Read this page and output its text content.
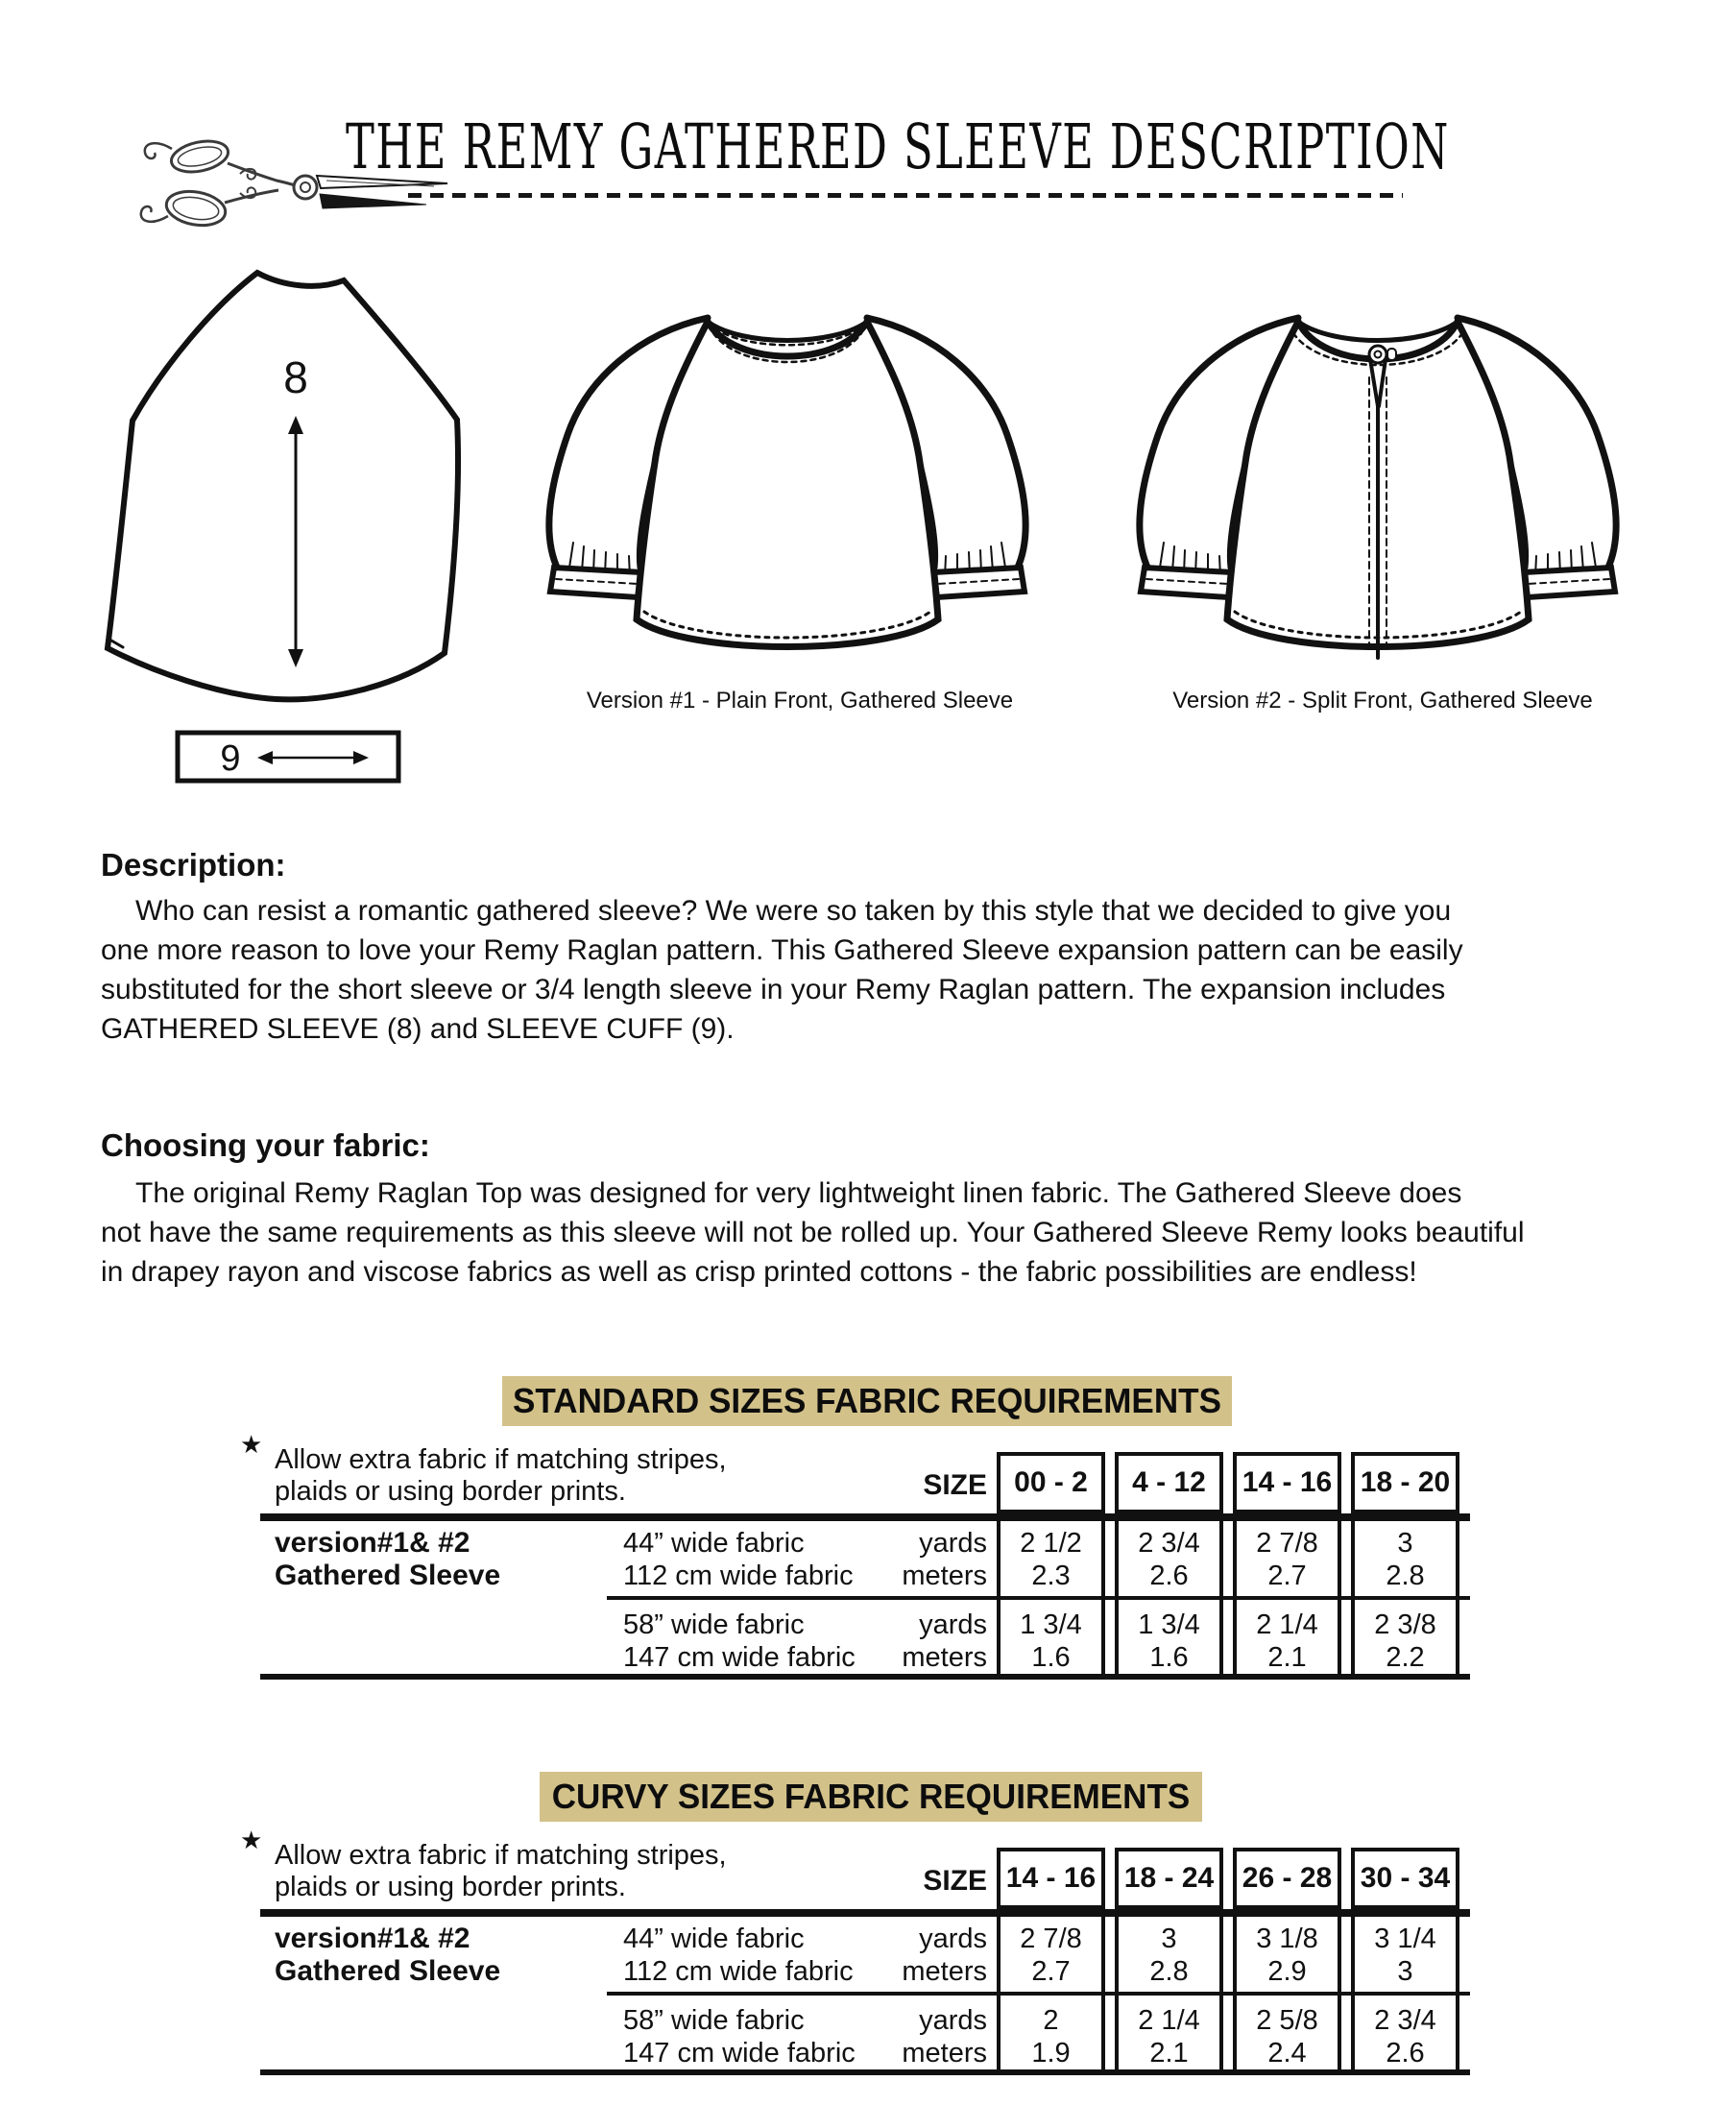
THE REMY GATHERED SLEEVE DESCRIPTION
8
9
Version #1 - Plain Front, Gathered Sleeve	Version #2 - Split Front, Gathered Sleeve
Description:
Who can resist a romantic gathered sleeve? We were so taken by this style that we decided to give you
one more reason to love your Remy Raglan pattern. This Gathered Sleeve expansion pattern can be easily
substituted for the short sleeve or 3/4 length sleeve in your Remy Raglan pattern. The expansion includes
GATHERED SLEEVE (8) and SLEEVE CUFF (9).
Choosing your fabric:
The original Remy Raglan Top was designed for very lightweight linen fabric. The Gathered Sleeve does
not have the same requirements as this sleeve will not be rolled up. Your Gathered Sleeve Remy looks beautiful
in drapey rayon and viscose fabrics as well as crisp printed cottons - the fabric possibilities are endless!
STANDARD SIZES FABRIC REQUIREMENTS
★ Allow extra fabric if matching stripes,
plaids or using border prints.	SIZE 00 - 2	4 - 12	14 - 16 18 - 20
version#1& #2
Gathered Sleeve
44” wide fabric	yards	2 1/2	2 3/4	2 7/8	3
112 cm wide fabric	meters	2.3	2.6	2.7	2.8
58” wide fabric	yards	1 3/4	1 3/4	2 1/4	2 3/8
147 cm wide fabric	meters	1.6	1.6	2.1	2.2
CURVY SIZES FABRIC REQUIREMENTS
★ Allow extra fabric if matching stripes,
plaids or using border prints.	SIZE 14 - 16 18 - 24 26 - 28 30 - 34
version#1& #2
Gathered Sleeve
44” wide fabric	yards	2 7/8	3	3 1/8	3 1/4
112 cm wide fabric	meters	2.7	2.8	2.9	3
58” wide fabric	yards	2	2 1/4	2 5/8	2 3/4
147 cm wide fabric	meters	1.9	2.1	2.4	2.6
